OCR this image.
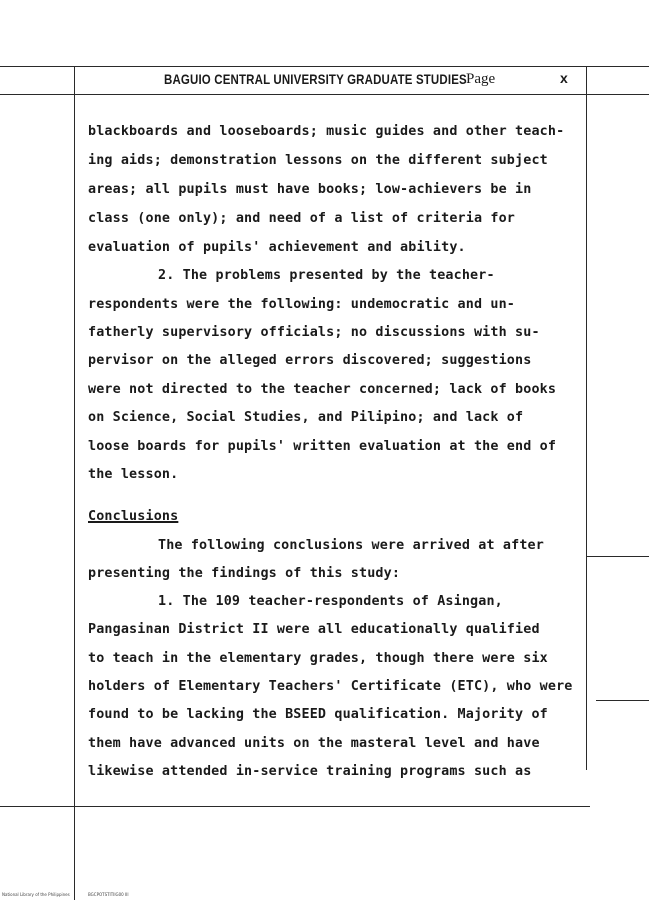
BAGUIO CENTRAL UNIVERSITY GRADUATE STUDIES Page	x
blackboards and looseboards; music guides and other teach-
ing aids; demonstration lessons on the different subject
areas; all pupils must have books; low-achievers be in
class (one only); and need of a list of criteria for
evaluation of pupils' achievement and ability.
2. The problems presented by the teacher-
respondents were the following: undemocratic and un-
fatherly supervisory officials; no discussions with su-
pervisor on the alleged errors discovered; suggestions
were not directed to the teacher concerned; lack of books
on Science, Social Studies, and Pilipino; and lack of
loose boards for pupils' written evaluation at the end of
the lesson.
Conclusions
The following conclusions were arrived at after
presenting the findings of this study:
1. The 109 teacher-respondents of Asingan,
Pangasinan District II were all educationally qualified
to teach in the elementary grades, though there were six
holders of Elementary Teachers' Certificate (ETC), who were
found to be lacking the BSEED qualification. Majority of
them have advanced units on the masteral level and have
likewise attended in-service training programs such as
National Library of the Philippines	BGCPOTSTITIIG00 III
